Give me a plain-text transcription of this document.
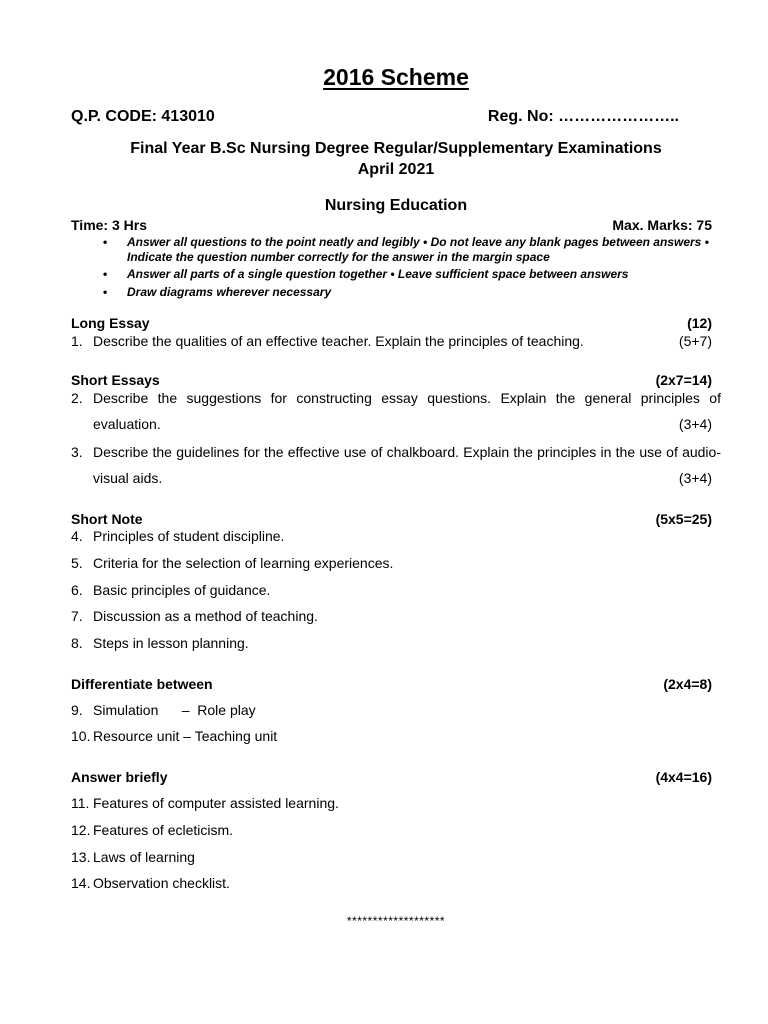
2016 Scheme
Q.P. CODE: 413010	Reg. No: …………………..
Final Year B.Sc Nursing Degree Regular/Supplementary Examinations
April 2021
Nursing Education
Time: 3 Hrs	Max. Marks: 75
• Answer all questions to the point neatly and legibly • Do not leave any blank pages between answers • Indicate the question number correctly for the answer in the margin space
• Answer all parts of a single question together • Leave sufficient space between answers
• Draw diagrams wherever necessary
Long Essay	(12)
1. Describe the qualities of an effective teacher. Explain the principles of teaching.	(5+7)
Short Essays	(2x7=14)
2. Describe the suggestions for constructing essay questions. Explain the general principles of evaluation.	(3+4)
3. Describe the guidelines for the effective use of chalkboard. Explain the principles in the use of audio-visual aids.	(3+4)
Short Note	(5x5=25)
4. Principles of student discipline.
5. Criteria for the selection of learning experiences.
6. Basic principles of guidance.
7. Discussion as a method of teaching.
8. Steps in lesson planning.
Differentiate between	(2x4=8)
9. Simulation      –  Role play
10. Resource unit – Teaching unit
Answer briefly	(4x4=16)
11. Features of computer assisted learning.
12. Features of ecleticism.
13. Laws of learning
14. Observation checklist.
*******************
